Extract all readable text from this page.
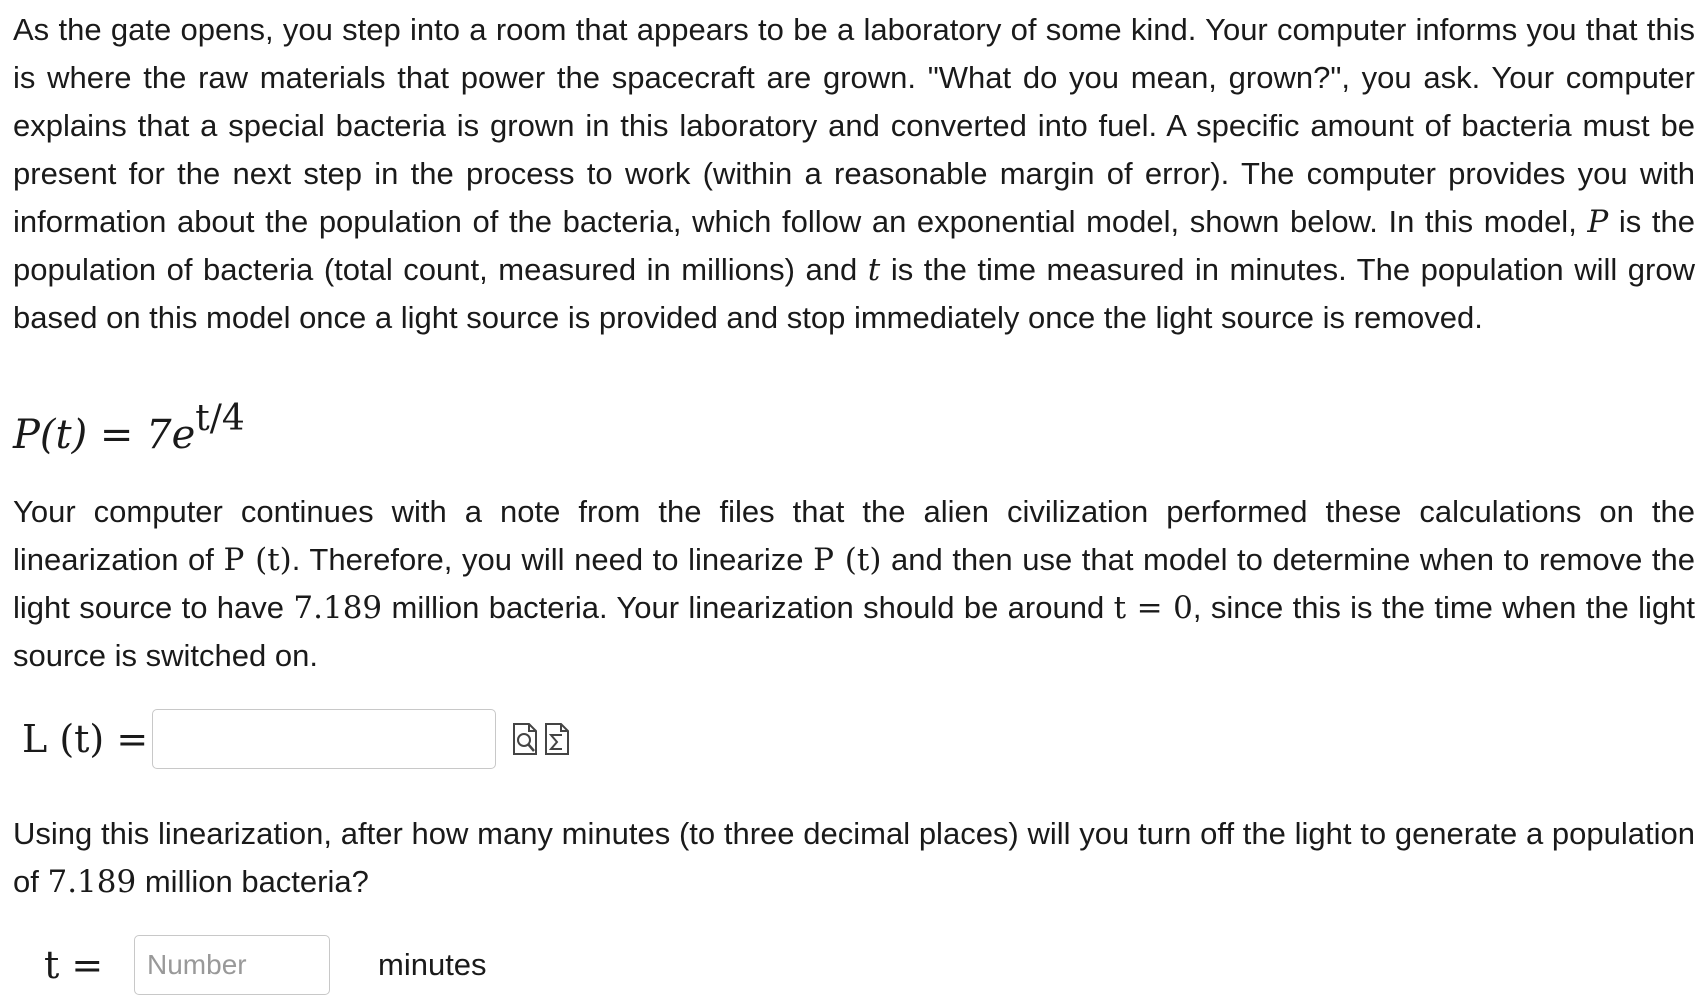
As the gate opens, you step into a room that appears to be a laboratory of some kind. Your computer informs you that this is where the raw materials that power the spacecraft are grown. "What do you mean, grown?", you ask. Your computer explains that a special bacteria is grown in this laboratory and converted into fuel. A specific amount of bacteria must be present for the next step in the process to work (within a reasonable margin of error). The computer provides you with information about the population of the bacteria, which follow an exponential model, shown below. In this model, P is the population of bacteria (total count, measured in millions) and t is the time measured in minutes. The population will grow based on this model once a light source is provided and stop immediately once the light source is removed.

P(t) = 7et/4

Your computer continues with a note from the files that the alien civilization performed these calculations on the linearization of P (t). Therefore, you will need to linearize P (t) and then use that model to determine when to remove the light source to have 7.189 million bacteria. Your linearization should be around t = 0, since this is the time when the light source is switched on.

L (t) =

Using this linearization, after how many minutes (to three decimal places) will you turn off the light to generate a population of 7.189 million bacteria?

t =
Number	minutes
